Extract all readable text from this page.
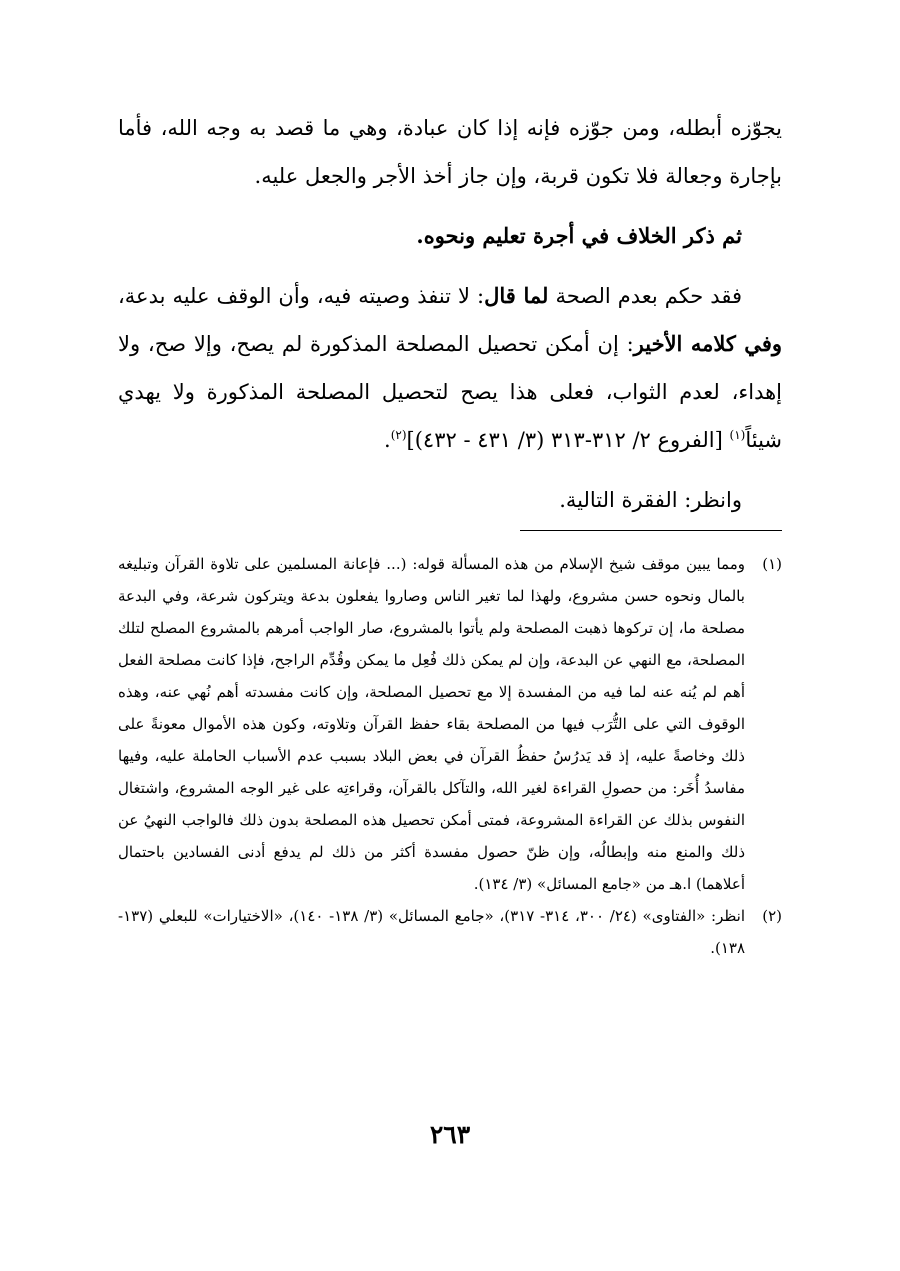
يجوّزه أبطله، ومن جوّزه فإنه إذا كان عبادة، وهي ما قصد به وجه الله، فأما بإجارة وجعالة فلا تكون قربة، وإن جاز أخذ الأجر والجعل عليه.

ثم ذكر الخلاف في أجرة تعليم ونحوه.

فقد حكم بعدم الصحة لما قال: لا تنفذ وصيته فيه، وأن الوقف عليه بدعة، وفي كلامه الأخير: إن أمكن تحصيل المصلحة المذكورة لم يصح، وإلا صح، ولا إهداء، لعدم الثواب، فعلى هذا يصح لتحصيل المصلحة المذكورة ولا يهدي شيئاً$^{(١)}$ [الفروع ٢/ ٣١٢-٣١٣ (٣/ ٤٣١ - ٤٣٢)]$^{(٢)}$.

وانظر: الفقرة التالية.

(١)
ومما يبين موقف شيخ الإسلام من هذه المسألة قوله: (... فإعانة المسلمين على تلاوة القرآن وتبليغه بالمال ونحوه حسن مشروع، ولهذا لما تغير الناس وصاروا يفعلون بدعة ويتركون شرعة، وفي البدعة مصلحة ما، إن تركوها ذهبت المصلحة ولم يأتوا بالمشروع، صار الواجب أمرهم بالمشروع المصلح لتلك المصلحة، مع النهي عن البدعة، وإن لم يمكن ذلك فُعِل ما يمكن وقُدِّم الراجح، فإذا كانت مصلحة الفعل أهم لم يُنه عنه لما فيه من المفسدة إلا مع تحصيل المصلحة، وإن كانت مفسدته أهم نُهي عنه، وهذه الوقوف التي على التُّرَب فيها من المصلحة بقاء حفظ القرآن وتلاوته، وكون هذه الأموال معونةً على ذلك وخاصةً عليه، إذ قد يَدرُسُ حفظُ القرآن في بعض البلاد بسبب عدم الأسباب الحاملة عليه، وفيها مفاسدُ أُخَر: من حصولِ القراءة لغير الله، والتآكل بالقرآن، وقراءتِه على غير الوجه المشروع، واشتغال النفوس بذلك عن القراءة المشروعة، فمتى أمكن تحصيل هذه المصلحة بدون ذلك فالواجب النهيُ عن ذلك والمنع منه وإبطالُه، وإن ظنّ حصول مفسدة أكثر من ذلك لم يدفع أدنى الفسادين باحتمال أعلاهما) ا.هـ من «جامع المسائل» (٣/ ١٣٤).
(٢)
انظر: «الفتاوى» (٢٤/ ٣٠٠، ٣١٤- ٣١٧)، «جامع المسائل» (٣/ ١٣٨- ١٤٠)، «الاختيارات» للبعلي (١٣٧- ١٣٨).
٢٦٣
